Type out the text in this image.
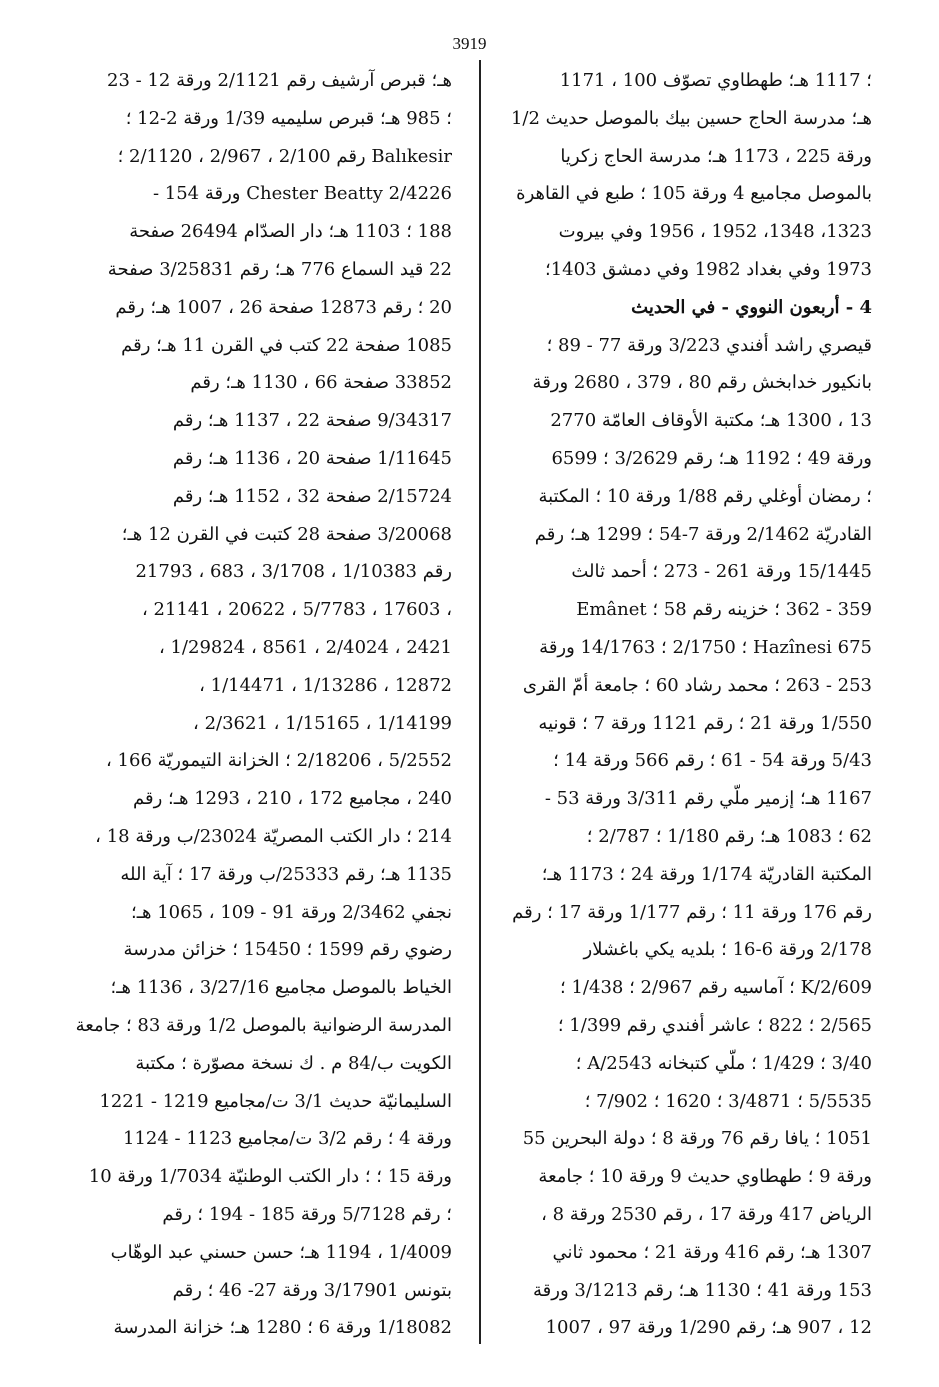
3919
؛ 1117 هـ؛ طهطاوي تصوّف 100 ، 1171
هـ؛ مدرسة الحاج حسين بيك بالموصل حديث 1/2
ورقة 225 ، 1173 هـ؛ مدرسة الحاج زكريا
بالموصل مجاميع 4 ورقة 105 ؛ طبع في القاهرة
1323، 1348، 1952 ، 1956 وفي بيروت
1973 وفي بغداد 1982 وفي دمشق 1403؛
4 - أربعون النووي - في الحديث
قيصري راشد أفندي 3/223 ورقة 77 - 89 ؛
بانكيور خدابخش رقم 80 ، 379 ، 2680 ورقة
13 ، 1300 هـ؛ مكتبة الأوقاف العامّة 2770
ورقة 49 ؛ 1192 هـ؛ رقم 3/2629 ؛ 6599
؛ رمضان أوغلي رقم 1/88 ورقة 10 ؛ المكتبة
القادريّة 2/1462 ورقة 7-54 ؛ 1299 هـ؛ رقم
15/1445 ورقة 261 - 273 ؛ أحمد ثالث
359 - 362 ؛ خزينه رقم 58 ؛ Emânet
Hazînesi 675 ؛ 2/1750 ؛ 14/1763 ورقة
253 - 263 ؛ محمد رشاد 60 ؛ جامعة أمّ القرى
1/550 ورقة 21 ؛ رقم 1121 ورقة 7 ؛ قونيه
5/43 ورقة 54 - 61 ؛ رقم 566 ورقة 14 ؛
1167 هـ؛ إزمير ملّي رقم 3/311 ورقة 53 -
62 ؛ 1083 هـ؛ رقم 1/180 ؛ 2/787 ؛
المكتبة القادريّة 1/174 ورقة 24 ؛ 1173 هـ؛
رقم 176 ورقة 11 ؛ رقم 1/177 ورقة 17 ؛ رقم
2/178 ورقة 6-16 ؛ بلديه يكي باغشلار
2/609/K ؛ آماسيه رقم 2/967 ؛ 1/438 ؛
2/565 ؛ 822 ؛ عاشر أفندي رقم 1/399 ؛
3/40 ؛ 1/429 ؛ ملّي كتبخانه 2543/A ؛
5/5535 ؛ 3/4871 ؛ 1620 ؛ 7/902 ؛
1051 ؛ يافا رقم 76 ورقة 8 ؛ دولة البحرين 55
ورقة 9 ؛ طهطاوي حديث 9 ورقة 10 ؛ جامعة
الرياض 417 ورقة 17 ، رقم 2530 ورقة 8 ،
1307 هـ؛ رقم 416 ورقة 21 ؛ محمود ثاني
153 ورقة 41 ؛ 1130 هـ؛ رقم 3/1213 ورقة
12 ، 907 هـ؛ رقم 1/290 ورقة 97 ، 1007
هـ؛ قبرص آرشيف رقم 2/1121 ورقة 12 - 23
؛ 985 هـ؛ قبرص سليميه 1/39 ورقة 2-12 ؛
Balıkesir رقم 2/100 ، 2/967 ، 2/1120 ؛
Chester Beatty 2/4226 ورقة 154 -
188 ؛ 1103 هـ؛ دار الصدّام 26494 صفحة
22 قيد السماع 776 هـ؛ رقم 3/25831 صفحة
20 ؛ رقم 12873 صفحة 26 ، 1007 هـ؛ رقم
1085 صفحة 22 كتب في القرن 11 هـ؛ رقم
33852 صفحة 66 ، 1130 هـ؛ رقم
9/34317 صفحة 22 ، 1137 هـ؛ رقم
1/11645 صفحة 20 ، 1136 هـ؛ رقم
2/15724 صفحة 32 ، 1152 هـ؛ رقم
3/20068 صفحة 28 كتبت في القرن 12 هـ؛
رقم 1/10383 ، 3/1708 ، 683 ، 21793
، 17603 ، 5/7783 ، 20622 ، 21141 ،
2421 ، 2/4024 ، 8561 ، 1/29824 ،
12872 ، 1/13286 ، 1/14471 ،
1/14199 ، 1/15165 ، 2/3621 ،
5/2552 ، 2/18206 ؛ الخزانة التيموريّة 166 ،
240 ، مجاميع 172 ، 210 ، 1293 هـ؛ رقم
214 ؛ دار الكتب المصريّة 23024/ب ورقة 18 ،
1135 هـ؛ رقم 25333/ب ورقة 17 ؛ آية الله
نجفي 2/3462 ورقة 91 - 109 ، 1065 هـ؛
رضوي رقم 1599 ؛ 15450 ؛ خزائن مدرسة
الخياط بالموصل مجاميع 3/27/16 ، 1136 هـ؛
المدرسة الرضوانية بالموصل 1/2 ورقة 83 ؛ جامعة
الكويت ب/84 م . ك نسخة مصوّرة ؛ مكتبة
السليمانيّة حديث 3/1 ت/مجاميع 1219 - 1221
ورقة 4 ؛ رقم 3/2 ت/مجاميع 1123 - 1124
ورقة 15 ؛ ؛ دار الكتب الوطنيّة 1/7034 ورقة 10
؛ رقم 5/7128 ورقة 185 - 194 ؛ رقم
1/4009 ، 1194 هـ؛ حسن حسني عبد الوهّاب
بتونس 3/17901 ورقة 27- 46 ؛ رقم
1/18082 ورقة 6 ؛ 1280 هـ؛ خزانة المدرسة
